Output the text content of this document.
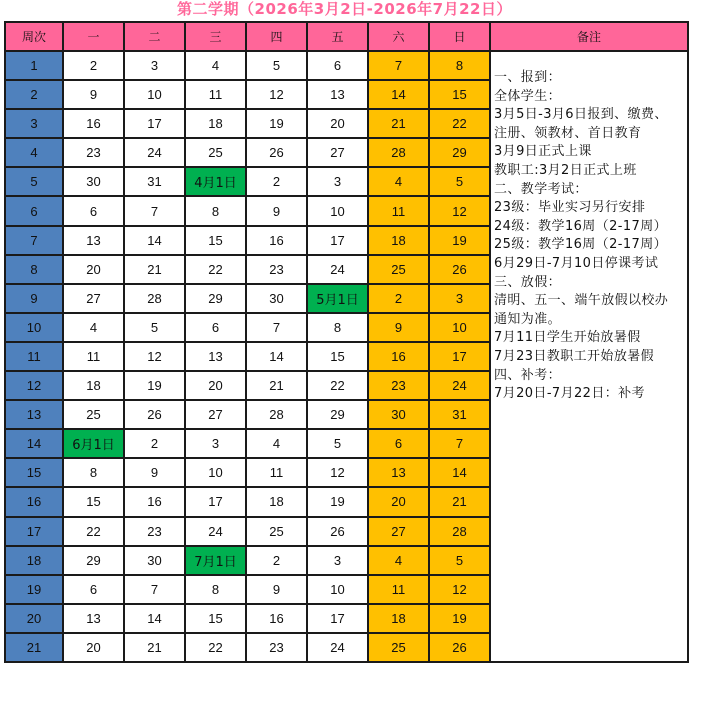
第二学期（2026年3月2日-2026年7月22日）
周次	一	二	三	四	五	六	日	备注
1	2	3	4	5	6	7	8	
一、报到：
全体学生：
3月5日-3月6日报到、缴费、
注册、领教材、首日教育
3月9日正式上课
教职工:3月2日正式上班
二、教学考试：
23级：毕业实习另行安排
24级：教学16周（2-17周）
25级：教学16周（2-17周）
6月29日-7月10日停课考试
三、放假：
清明、五一、端午放假以校办
通知为准。
7月11日学生开始放暑假
7月23日教职工开始放暑假
四、补考：
7月20日-7月22日：补考

2	9	10	11	12	13	14	15	
3	16	17	18	19	20	21	22	
4	23	24	25	26	27	28	29	
5	30	31	4月1日	2	3	4	5	
6	6	7	8	9	10	11	12	
7	13	14	15	16	17	18	19	
8	20	21	22	23	24	25	26	
9	27	28	29	30	5月1日	2	3	
10	4	5	6	7	8	9	10	
11	11	12	13	14	15	16	17	
12	18	19	20	21	22	23	24	
13	25	26	27	28	29	30	31	
14	6月1日	2	3	4	5	6	7	
15	8	9	10	11	12	13	14	
16	15	16	17	18	19	20	21	
17	22	23	24	25	26	27	28	
18	29	30	7月1日	2	3	4	5	
19	6	7	8	9	10	11	12	
20	13	14	15	16	17	18	19	
21	20	21	22	23	24	25	26	
